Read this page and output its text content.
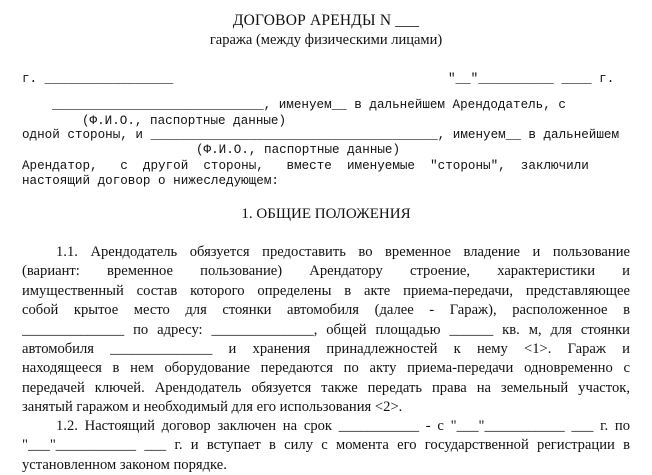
ДОГОВОР АРЕНДЫ N ___
гаража (между физическими лицами)
г. _________________	"__"__________ ____ г.
____________________________, именуем__ в дальнейшем Арендодатель, с
(Ф.И.О., паспортные данные)
одной стороны, и ______________________________________, именуем__ в дальнейшем
(Ф.И.О., паспортные данные)
Арендатор,   с  другой  стороны,   вместе  именуемые  "стороны",  заключили
настоящий договор о нижеследующем:
1. ОБЩИЕ ПОЛОЖЕНИЯ
1.1. Арендодатель обязуется предоставить во временное владение и пользование
(вариант: временное пользование) Арендатору строение, характеристики и
имущественный состав которого определены в акте приема-передачи, представляющее
собой крытое место для стоянки автомобиля (далее - Гараж), расположенное в
______________ по адресу: ______________, общей площадью ______ кв. м, для стоянки
автомобиля ______________ и хранения принадлежностей к нему <1>. Гараж и
находящееся в нем оборудование передаются по акту приема-передачи одновременно с
передачей ключей. Арендодатель обязуется также передать права на земельный участок,
занятый гаражом и необходимый для его использования <2>.
1.2. Настоящий договор заключен на срок ___________ - с "___"___________ ___ г. по
"___"___________ ___ г. и вступает в силу с момента его государственной регистрации в
установленном законом порядке.
